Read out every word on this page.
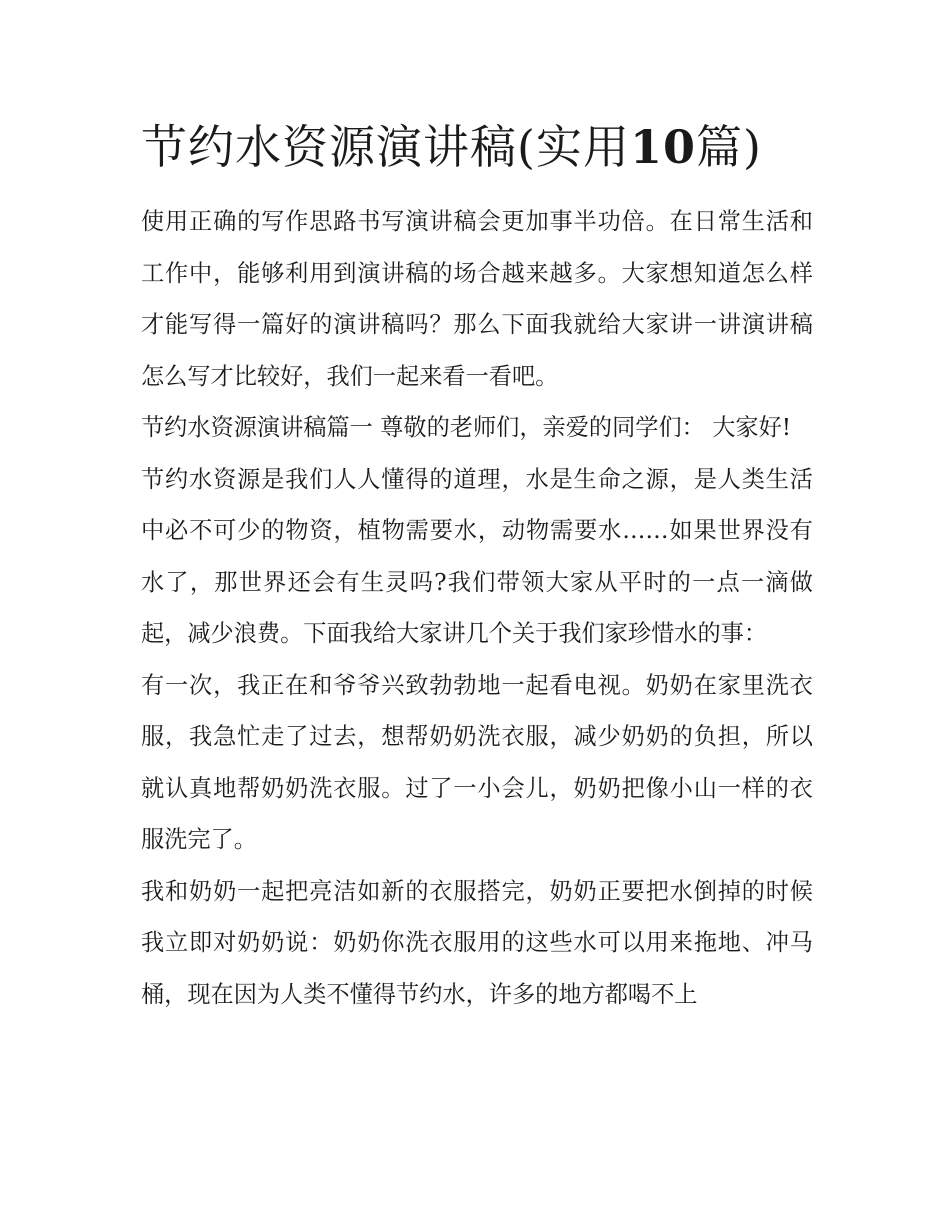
节约水资源演讲稿(实用10篇)

使用正确的写作思路书写演讲稿会更加事半功倍。在日常生活和工作中，能够利用到演讲稿的场合越来越多。大家想知道怎么样才能写得一篇好的演讲稿吗？那么下面我就给大家讲一讲演讲稿怎么写才比较好，我们一起来看一看吧。

节约水资源演讲稿篇一 尊敬的老师们，亲爱的同学们： 大家好!

节约水资源是我们人人懂得的道理，水是生命之源，是人类生活中必不可少的物资，植物需要水，动物需要水……如果世界没有水了，那世界还会有生灵吗?我们带领大家从平时的一点一滴做起，减少浪费。下面我给大家讲几个关于我们家珍惜水的事：

有一次，我正在和爷爷兴致勃勃地一起看电视。奶奶在家里洗衣服，我急忙走了过去，想帮奶奶洗衣服，减少奶奶的负担，所以就认真地帮奶奶洗衣服。过了一小会儿，奶奶把像小山一样的衣服洗完了。

我和奶奶一起把亮洁如新的衣服搭完，奶奶正要把水倒掉的时候我立即对奶奶说：奶奶你洗衣服用的这些水可以用来拖地、冲马桶，现在因为人类不懂得节约水，许多的地方都喝不上
